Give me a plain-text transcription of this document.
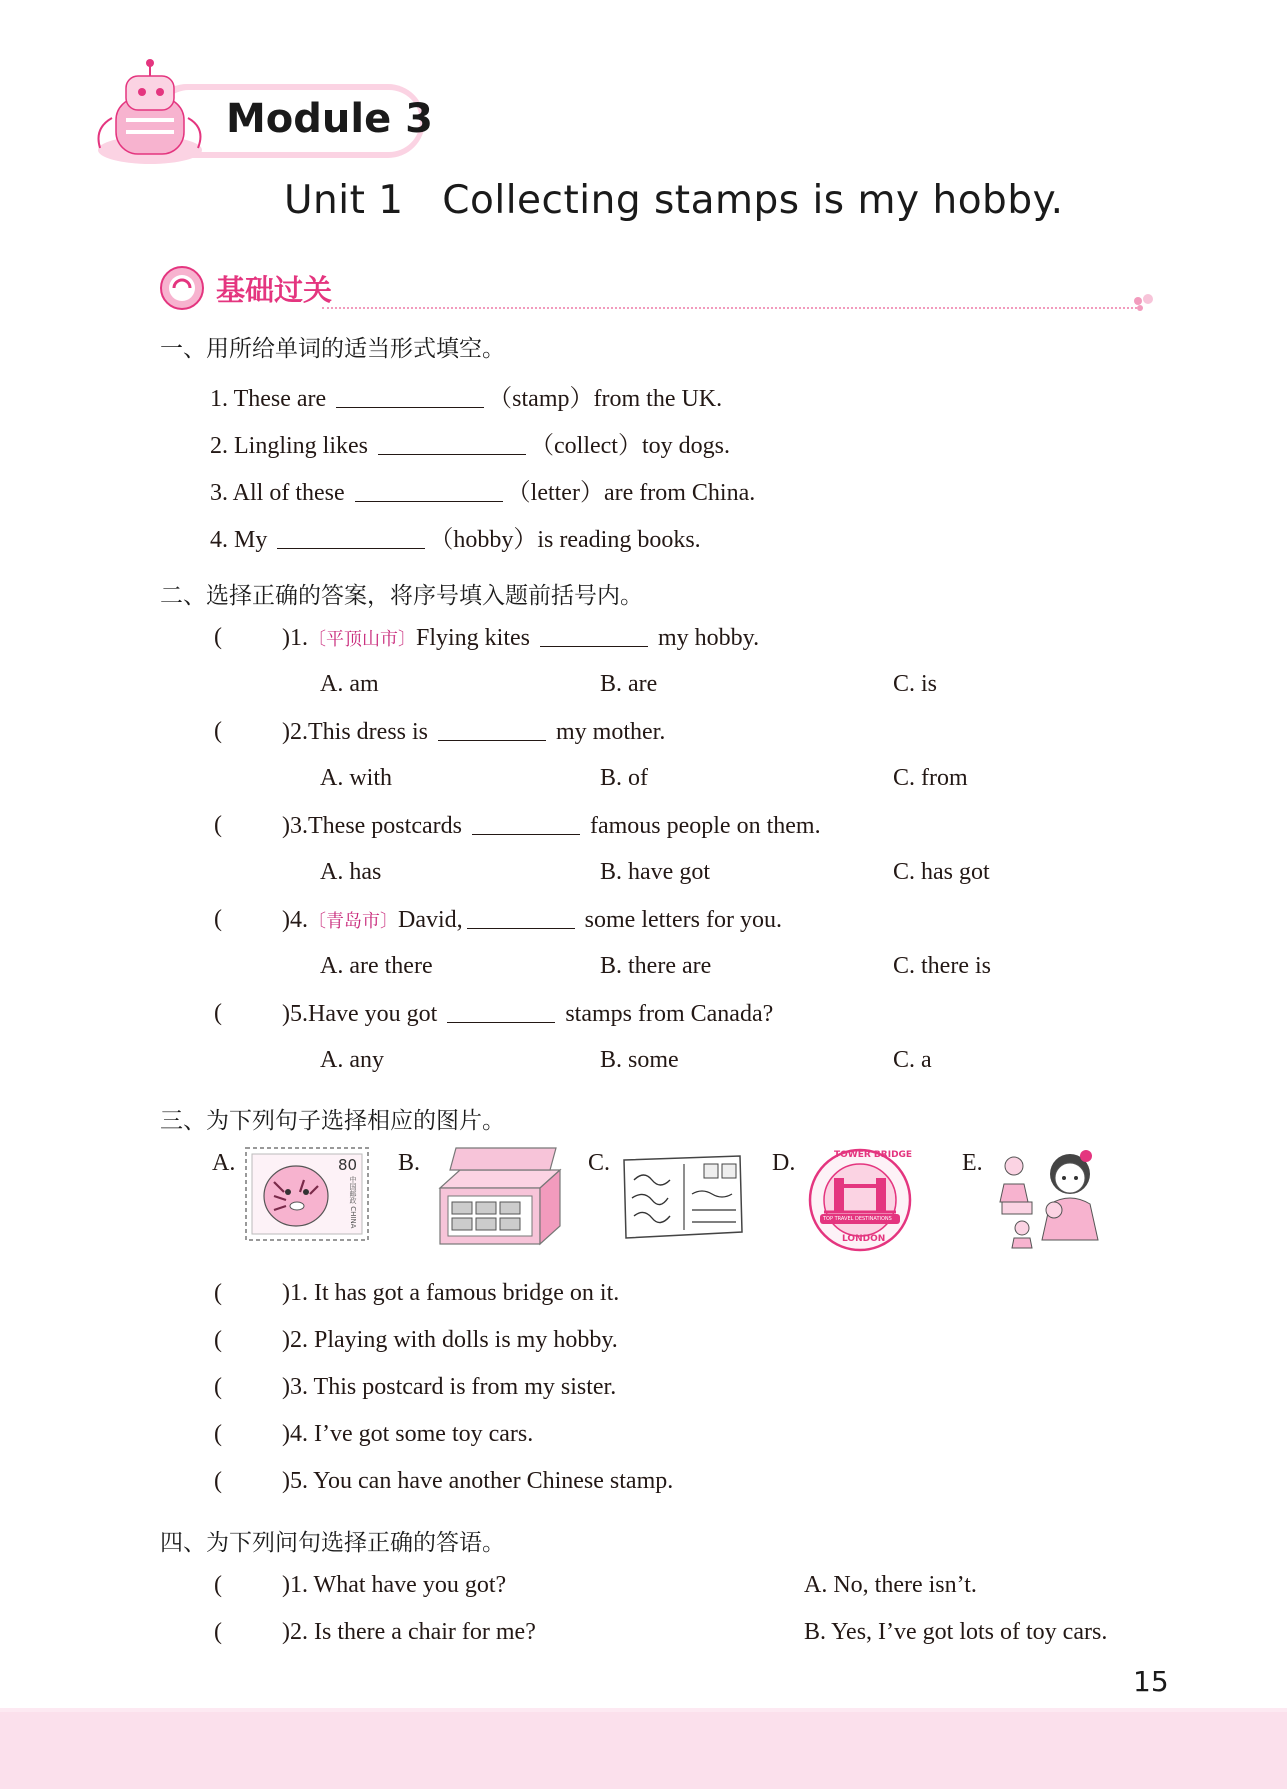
Module 3
Unit 1   Collecting stamps is my hobby.
基础过关
一、用所给单词的适当形式填空。
1. These are	（stamp）from the UK.
2. Lingling likes	（collect）toy dogs.
3. All of these	（letter）are from China.
4. My	（hobby）is reading books.
二、选择正确的答案，将序号填入题前括号内。
(	)1.〔平顶山市〕Flying kites	my hobby.
A. am	B. are	C. is
(	)2.This dress is	my mother.
A. with	B. of	C. from
(	)3.These postcards	famous people on them.
A. has	B. have got	C. has got
(	)4.〔青岛市〕David,	some letters for you.
A. are there	B. there are	C. there is
(	)5.Have you got	stamps from Canada?
A. any	B. some	C. a
三、为下列句子选择相应的图片。
A.	B.	C.	D.	E.
80
中国邮政 CHINA
TOWER BRIDGE
TOP TRAVEL DESTINATIONS
LONDON
(	)1. It has got a famous bridge on it.
(	)2. Playing with dolls is my hobby.
(	)3. This postcard is from my sister.
(	)4. I’ve got some toy cars.
(	)5. You can have another Chinese stamp.
四、为下列问句选择正确的答语。
(	)1. What have you got?	A. No, there isn’t.
(	)2. Is there a chair for me?	B. Yes, I’ve got lots of toy cars.
15
